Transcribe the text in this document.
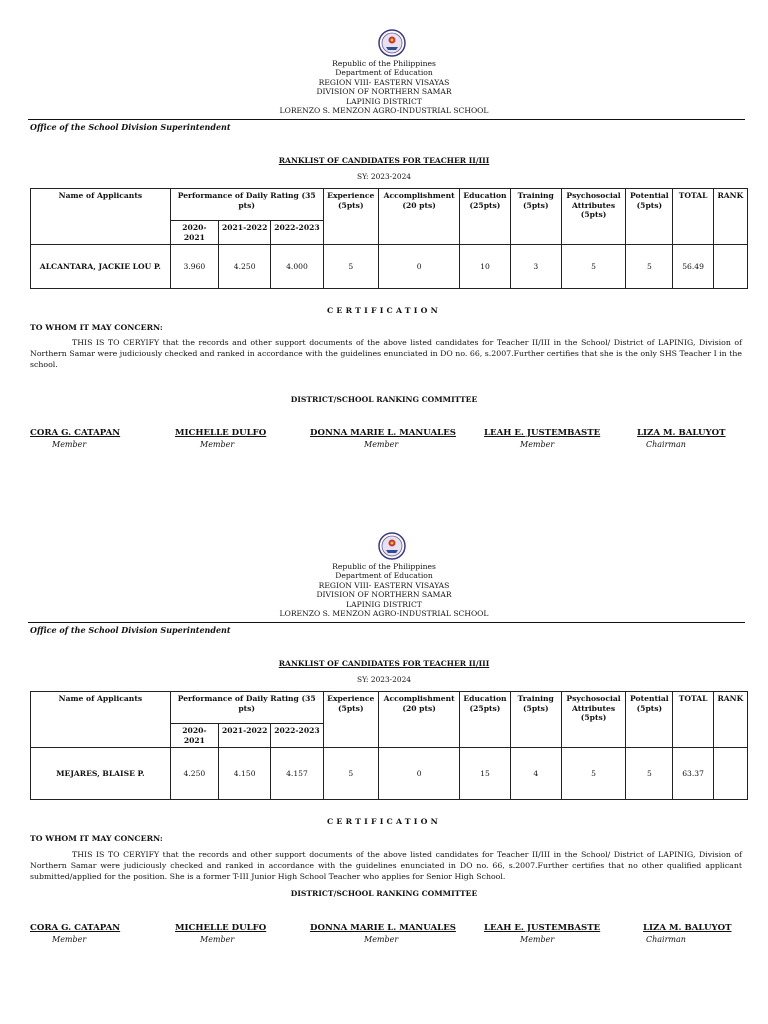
Republic of the Philippines
Department of Education
REGION VIII- EASTERN VISAYAS
DIVISION OF NORTHERN SAMAR
LAPINIG DISTRICT
LORENZO S. MENZON AGRO-INDUSTRIAL SCHOOL
Office of the School Division Superintendent
RANKLIST OF CANDIDATES FOR TEACHER II/III
SY: 2023-2024
Name of Applicants	Performance of Daily Rating (35 pts)			Experience (5pts)	Accomplishment (20 pts)	Education (25pts)	Training (5pts)	Psychosocial Attributes (5pts)	Potential (5pts)	TOTAL	RANK
	2020-2021	2021-2022	2022-2023								
ALCANTARA, JACKIE LOU P.	3.960	4.250	4.000	5	0	10	3	5	5	56.49	
CERTIFICATION
TO WHOM IT MAY CONCERN:
THIS IS TO CERYIFY that the records and other support documents of the above listed candidates for Teacher II/III in the School/ District of LAPINIG, Division of Northern Samar were judiciously checked and ranked in accordance with the guidelines enunciated in DO no. 66, s.2007.Further certifies that she is the only SHS Teacher I in the school.
DISTRICT/SCHOOL RANKING COMMITTEE
CORA G. CATAPAN
Member
MICHELLE DULFO
Member
DONNA MARIE L. MANUALES
Member
LEAH E. JUSTEMBASTE
Member
LIZA M. BALUYOT
Chairman
Republic of the Philippines
Department of Education
REGION VIII- EASTERN VISAYAS
DIVISION OF NORTHERN SAMAR
LAPINIG DISTRICT
LORENZO S. MENZON AGRO-INDUSTRIAL SCHOOL
Office of the School Division Superintendent
RANKLIST OF CANDIDATES FOR TEACHER II/III
SY: 2023-2024
Name of Applicants	Performance of Daily Rating (35 pts)			Experience (5pts)	Accomplishment (20 pts)	Education (25pts)	Training (5pts)	Psychosocial Attributes (5pts)	Potential (5pts)	TOTAL	RANK
	2020-2021	2021-2022	2022-2023								
MEJARES, BLAISE P.	4.250	4.150	4.157	5	0	15	4	5	5	63.37	
CERTIFICATION
TO WHOM IT MAY CONCERN:
THIS IS TO CERYIFY that the records and other support documents of the above listed candidates for Teacher II/III in the School/ District of LAPINIG, Division of Northern Samar were judiciously checked and ranked in accordance with the guidelines enunciated in DO no. 66, s.2007.Further certifies that no other qualified applicant submitted/applied for the position. She is a former T-III Junior High School Teacher who applies for Senior High School.
DISTRICT/SCHOOL RANKING COMMITTEE
CORA G. CATAPAN
Member
MICHELLE DULFO
Member
DONNA MARIE L. MANUALES
Member
LEAH E. JUSTEMBASTE
Member
LIZA M. BALUYOT
Chairman
